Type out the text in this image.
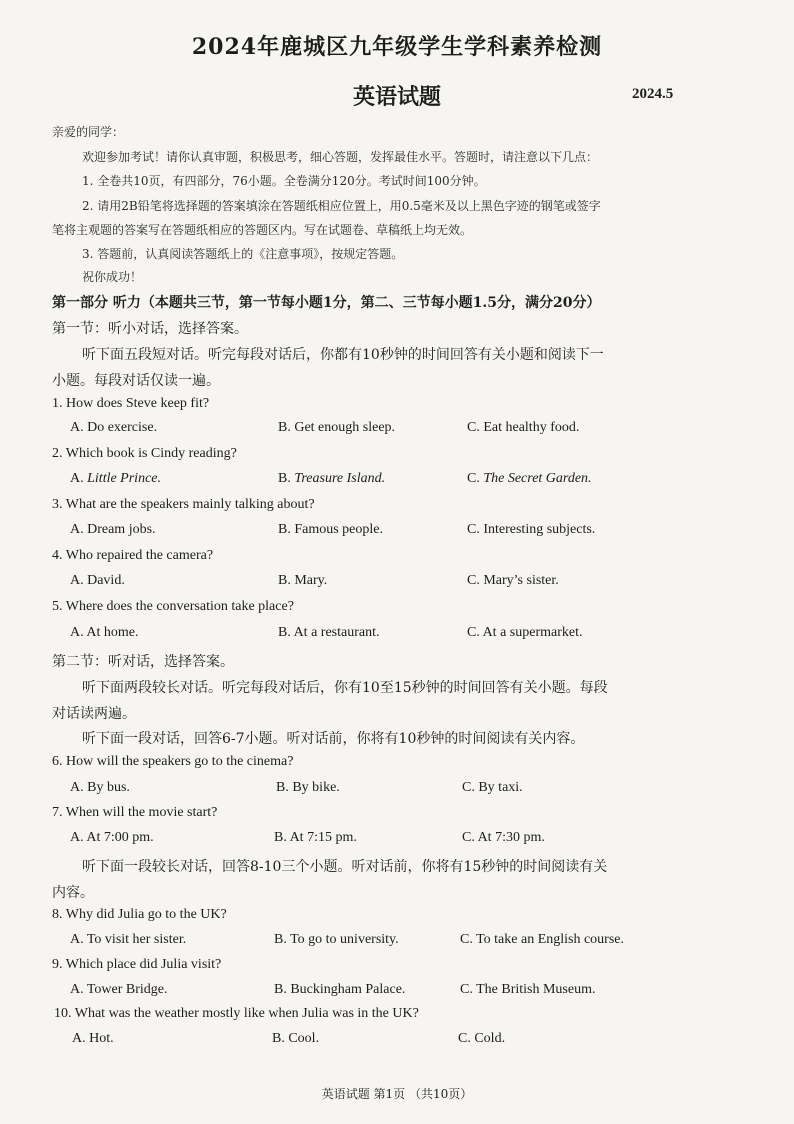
2024年鹿城区九年级学生学科素养检测
英语试题	2024.5
亲爱的同学：
欢迎参加考试！请你认真审题，积极思考，细心答题，发挥最佳水平。答题时，请注意以下几点：
1. 全卷共10页，有四部分，76小题。全卷满分120分。考试时间100分钟。
2. 请用2B铅笔将选择题的答案填涂在答题纸相应位置上，用0.5毫米及以上黑色字迹的钢笔或签字
笔将主观题的答案写在答题纸相应的答题区内。写在试题卷、草稿纸上均无效。
3. 答题前，认真阅读答题纸上的《注意事项》，按规定答题。
祝你成功！
第一部分 听力（本题共三节，第一节每小题1分，第二、三节每小题1.5分，满分20分）
第一节：听小对话，选择答案。
听下面五段短对话。听完每段对话后，你都有10秒钟的时间回答有关小题和阅读下一
小题。每段对话仅读一遍。
1. How does Steve keep fit?
A. Do exercise.	B. Get enough sleep.	C. Eat healthy food.
2. Which book is Cindy reading?
A. Little Prince.	B. Treasure Island.	C. The Secret Garden.
3. What are the speakers mainly talking about?
A. Dream jobs.	B. Famous people.	C. Interesting subjects.
4. Who repaired the camera?
A. David.	B. Mary.	C. Mary’s sister.
5. Where does the conversation take place?
A. At home.	B. At a restaurant.	C. At a supermarket.
第二节：听对话，选择答案。
听下面两段较长对话。听完每段对话后，你有10至15秒钟的时间回答有关小题。每段
对话读两遍。
听下面一段对话，回答6-7小题。听对话前，你将有10秒钟的时间阅读有关内容。
6. How will the speakers go to the cinema?
A. By bus.	B. By bike.	C. By taxi.
7. When will the movie start?
A. At 7:00 pm.	B. At 7:15 pm.	C. At 7:30 pm.
听下面一段较长对话，回答8-10三个小题。听对话前，你将有15秒钟的时间阅读有关
内容。
8. Why did Julia go to the UK?
A. To visit her sister.	B. To go to university.	C. To take an English course.
9. Which place did Julia visit?
A. Tower Bridge.	B. Buckingham Palace.	C. The British Museum.
10. What was the weather mostly like when Julia was in the UK?
A. Hot.	B. Cool.	C. Cold.
英语试题 第1页 （共10页）
